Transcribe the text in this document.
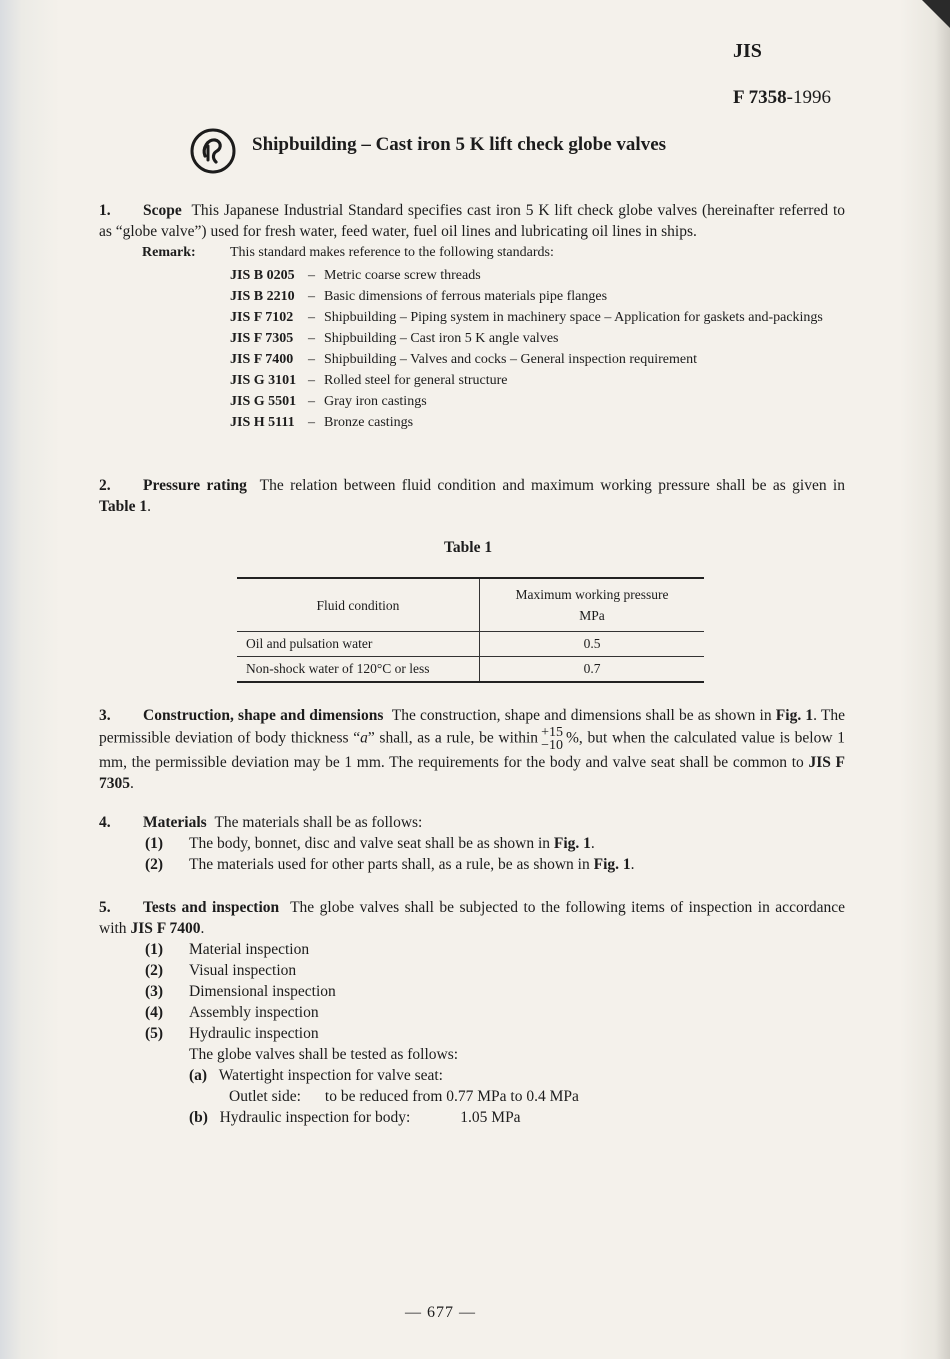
JIS
F 7358-1996
Shipbuilding – Cast iron 5 K lift check globe valves
1. Scope This Japanese Industrial Standard specifies cast iron 5 K lift check globe valves (hereinafter referred to as “globe valve”) used for fresh water, feed water, fuel oil lines and lubricating oil lines in ships.
Remark: This standard makes reference to the following standards:
JIS B 0205 – Metric coarse screw threads
JIS B 2210 – Basic dimensions of ferrous materials pipe flanges
JIS F 7102	– Shipbuilding – Piping system in machinery space – Application for gaskets and-packings
JIS F 7305	– Shipbuilding – Cast iron 5 K angle valves
JIS F 7400	– Shipbuilding – Valves and cocks – General inspection requirement
JIS G 3101 – Rolled steel for general structure
JIS G 5501 – Gray iron castings
JIS H 5111 – Bronze castings
2. Pressure rating The relation between fluid condition and maximum working pressure shall be as given in Table 1.
Table 1
Fluid condition	Maximum working pressure
MPa
Oil and pulsation water	0.5
Non-shock water of 120°C or less	0.7
3. Construction, shape and dimensions The construction, shape and dimensions shall be as shown in Fig. 1. The permissible deviation of body thickness “a” shall, as a rule, be within +15
−10 %, but when the calculated value is below 1 mm, the permissible deviation may be 1 mm. The requirements for the body and valve seat shall be common to JIS F 7305.
4. Materials The materials shall be as follows:
(1) The body, bonnet, disc and valve seat shall be as shown in Fig. 1.
(2) The materials used for other parts shall, as a rule, be as shown in Fig. 1.
5. Tests and inspection The globe valves shall be subjected to the following items of inspection in accordance with JIS F 7400.
(1) Material inspection
(2) Visual inspection
(3) Dimensional inspection
(4) Assembly inspection
(5) Hydraulic inspection
The globe valves shall be tested as follows:
(a) Watertight inspection for valve seat:
Outlet side: to be reduced from 0.77 MPa to 0.4 MPa
(b) Hydraulic inspection for body:	1.05 MPa
— 677 —
